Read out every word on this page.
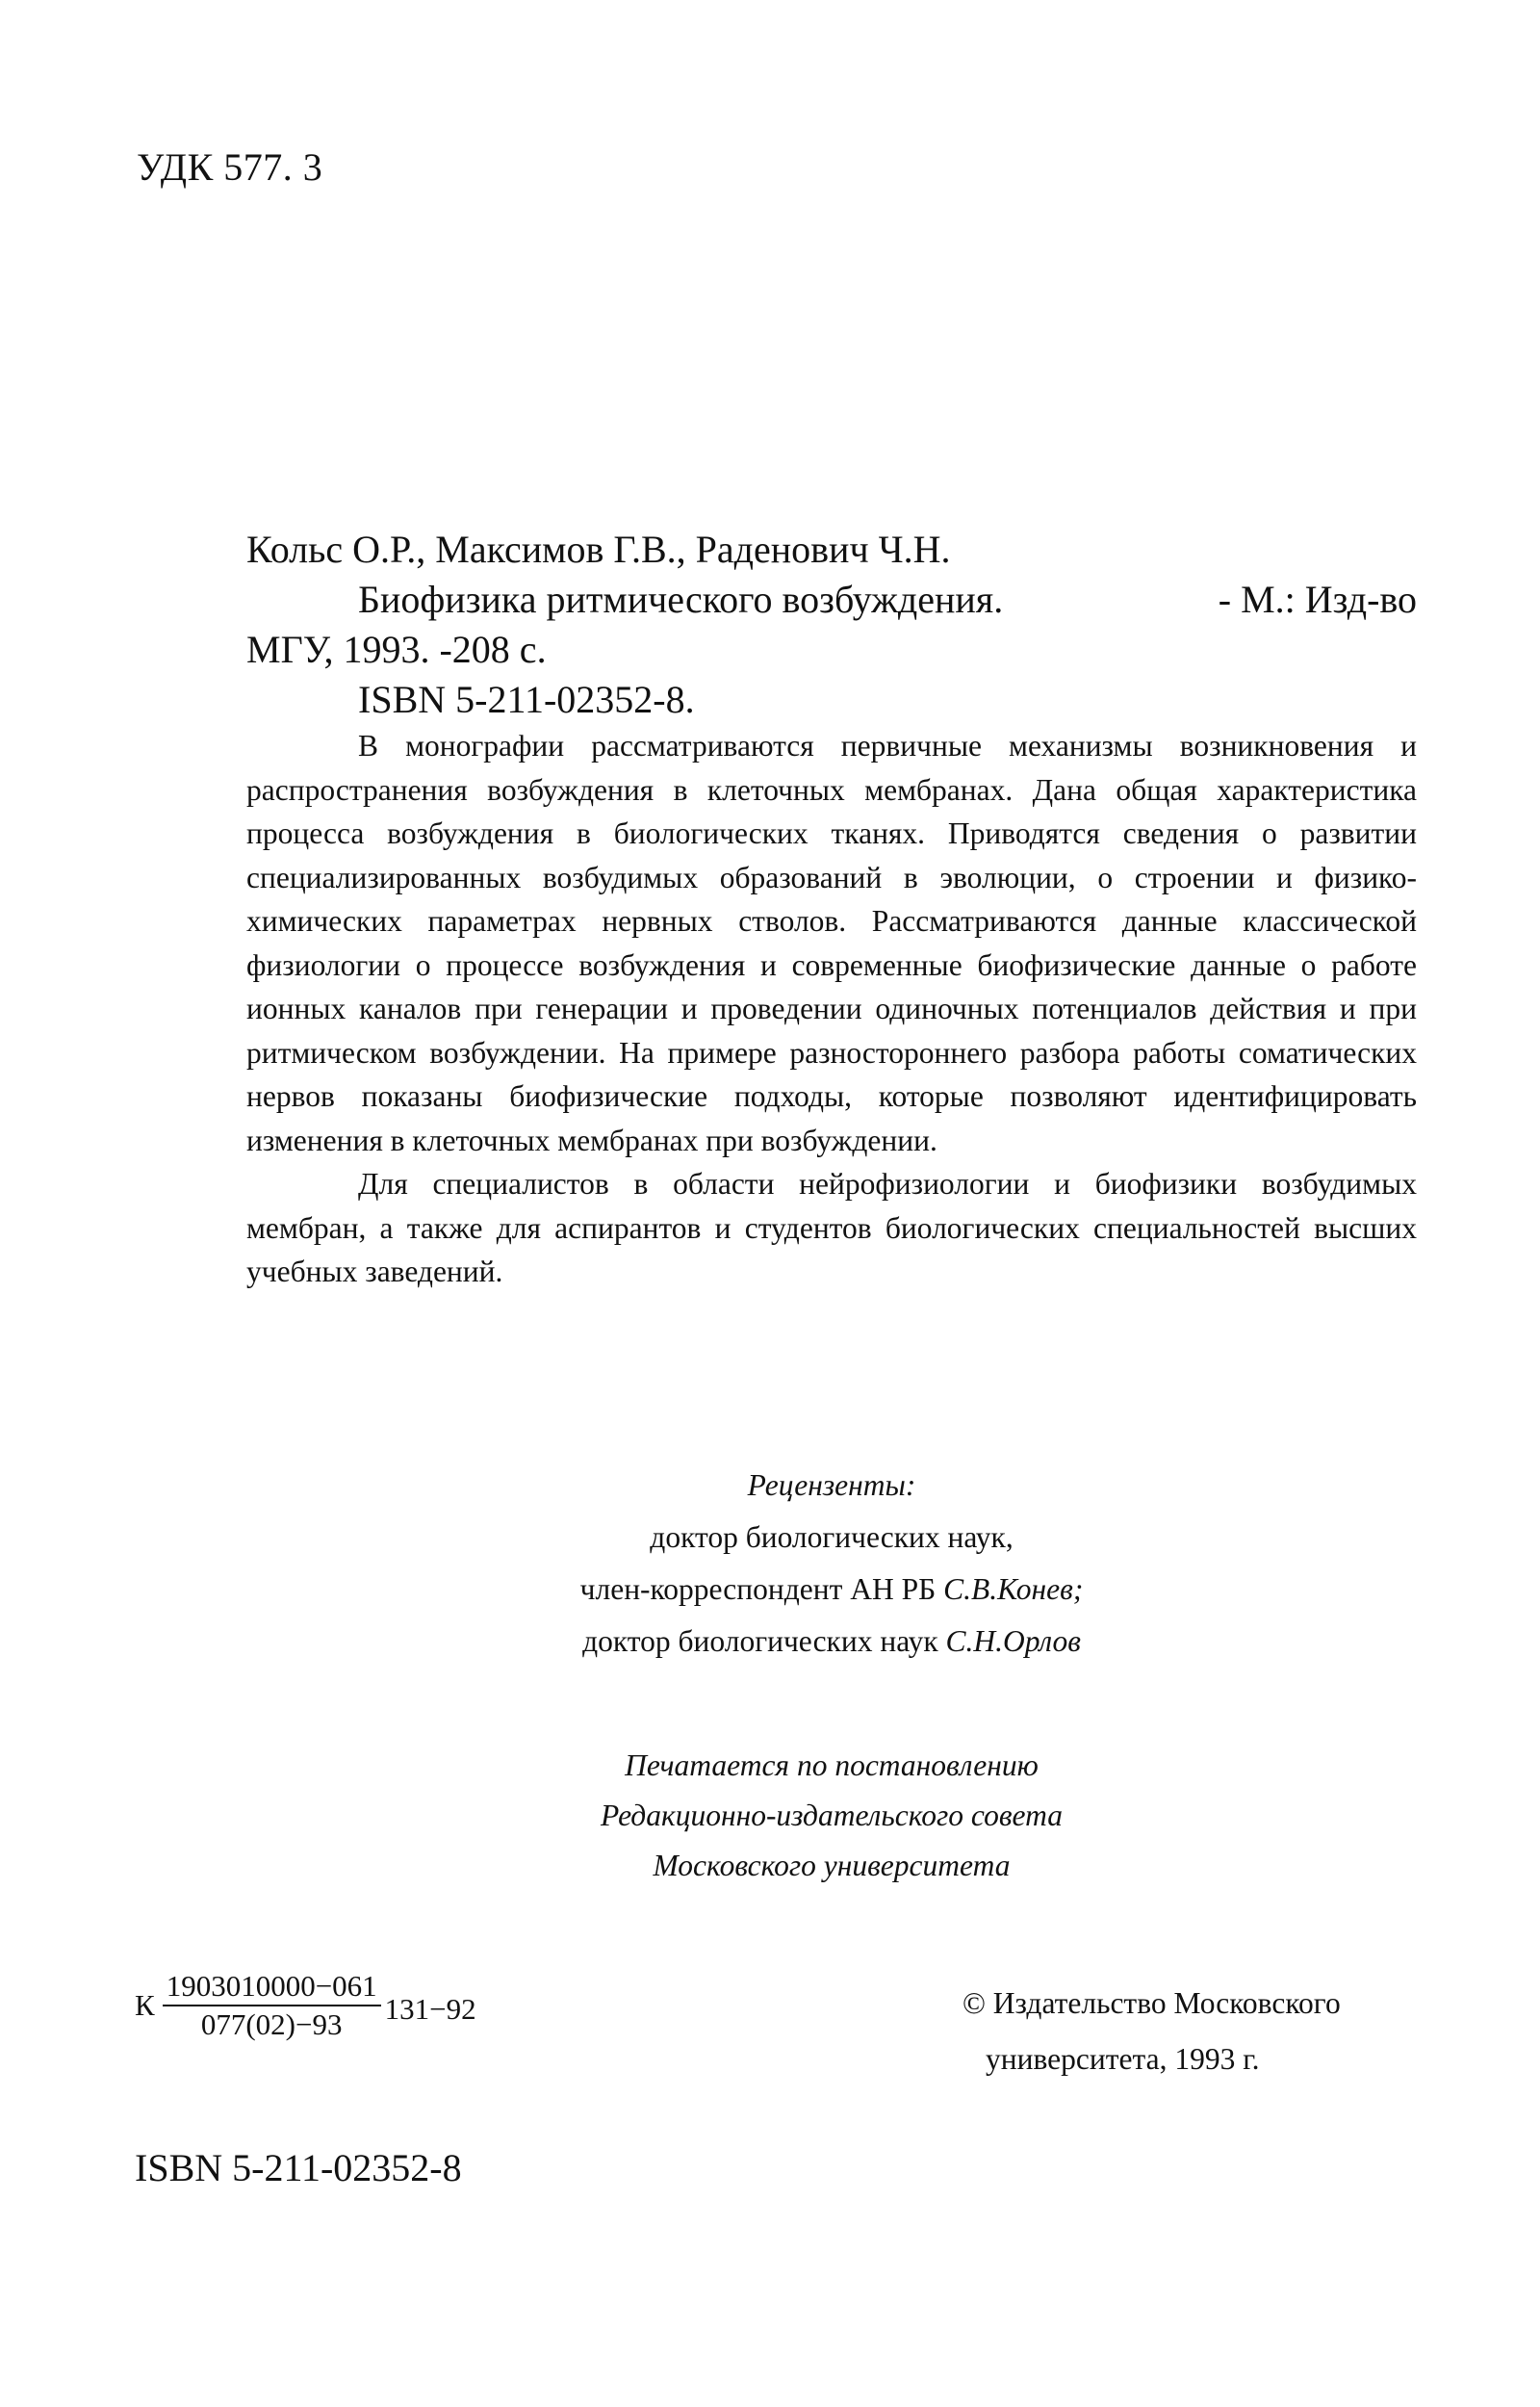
УДК 577. 3
Кольс О.Р., Максимов Г.В., Раденович Ч.Н.
Биофизика ритмического возбуждения.	- М.: Изд-во
МГУ, 1993. -208 с.
ISBN 5-211-02352-8.

В монографии рассматриваются первичные механизмы возникновения и распространения возбуждения в клеточных мембранах. Дана общая характеристика процесса возбуждения в биологических тканях. Приводятся сведения о развитии специализированных возбудимых образований в эволюции, о строении и физико-химических параметрах нервных стволов. Рассматриваются данные классической физиологии о процессе возбуждения и современные биофизические данные о работе ионных каналов при генерации и проведении одиночных потенциалов действия и при ритмическом возбуждении. На примере разностороннего разбора работы соматических нервов показаны биофизические подходы, которые позволяют идентифицировать изменения в клеточных мембранах при возбуждении.

Для специалистов в области нейрофизиологии и биофизики возбудимых мембран, а также для аспирантов и студентов биологических специальностей высших учебных заведений.

Рецензенты:
доктор биологических наук,
член-корреспондент АН РБ С.В.Конев;
доктор биологических наук С.Н.Орлов
Печатается по постановлению
Редакционно-издательского совета
Московского университета
К $\frac{1903010000-061}{077(02)-93} 131-92$	© Издательство Московского
университета, 1993 г.
ISBN 5-211-02352-8
